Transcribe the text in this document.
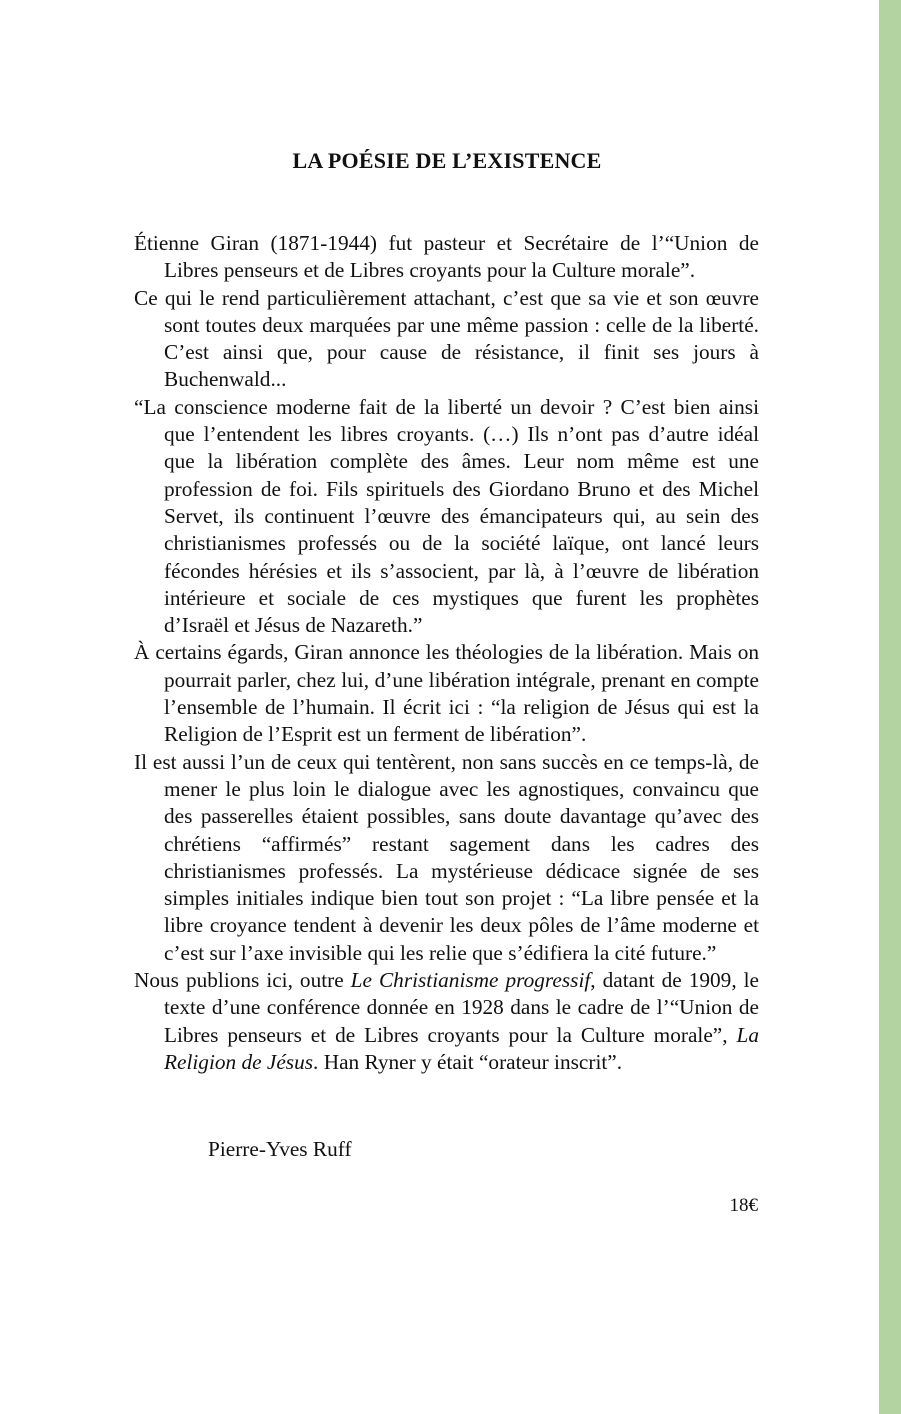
LA POÉSIE DE L’EXISTENCE

Étienne Giran (1871-1944) fut pasteur et Secrétaire de l’“Union de Libres penseurs et de Libres croyants pour la Culture morale”.

Ce qui le rend particulièrement attachant, c’est que sa vie et son œuvre sont toutes deux marquées par une même passion : celle de la liberté. C’est ainsi que, pour cause de résistance, il finit ses jours à Buchenwald...

“La conscience moderne fait de la liberté un devoir ? C’est bien ainsi que l’entendent les libres croyants. (…) Ils n’ont pas d’autre idéal que la libération complète des âmes. Leur nom même est une profession de foi. Fils spirituels des Giordano Bruno et des Michel Servet, ils continuent l’œuvre des émancipateurs qui, au sein des christianismes professés ou de la société laïque, ont lancé leurs fécondes hérésies et ils s’associent, par là, à l’œuvre de libération intérieure et sociale de ces mystiques que furent les prophètes d’Israël et Jésus de Nazareth.”

À certains égards, Giran annonce les théologies de la libération. Mais on pourrait parler, chez lui, d’une libération intégrale, prenant en compte l’ensemble de l’humain. Il écrit ici : “la religion de Jésus qui est la Religion de l’Esprit est un ferment de libération”.

Il est aussi l’un de ceux qui tentèrent, non sans succès en ce temps-là, de mener le plus loin le dialogue avec les agnostiques, convaincu que des passerelles étaient possibles, sans doute davantage qu’avec des chrétiens “affirmés” restant sagement dans les cadres des christianismes professés. La mystérieuse dédicace signée de ses simples initiales indique bien tout son projet : “La libre pensée et la libre croyance tendent à devenir les deux pôles de l’âme moderne et c’est sur l’axe invisible qui les relie que s’édifiera la cité future.”

Nous publions ici, outre Le Christianisme progressif, datant de 1909, le texte d’une conférence donnée en 1928 dans le cadre de l’“Union de Libres penseurs et de Libres croyants pour la Culture morale”, La Religion de Jésus. Han Ryner y était “orateur inscrit”.

Pierre-Yves Ruff

18€
